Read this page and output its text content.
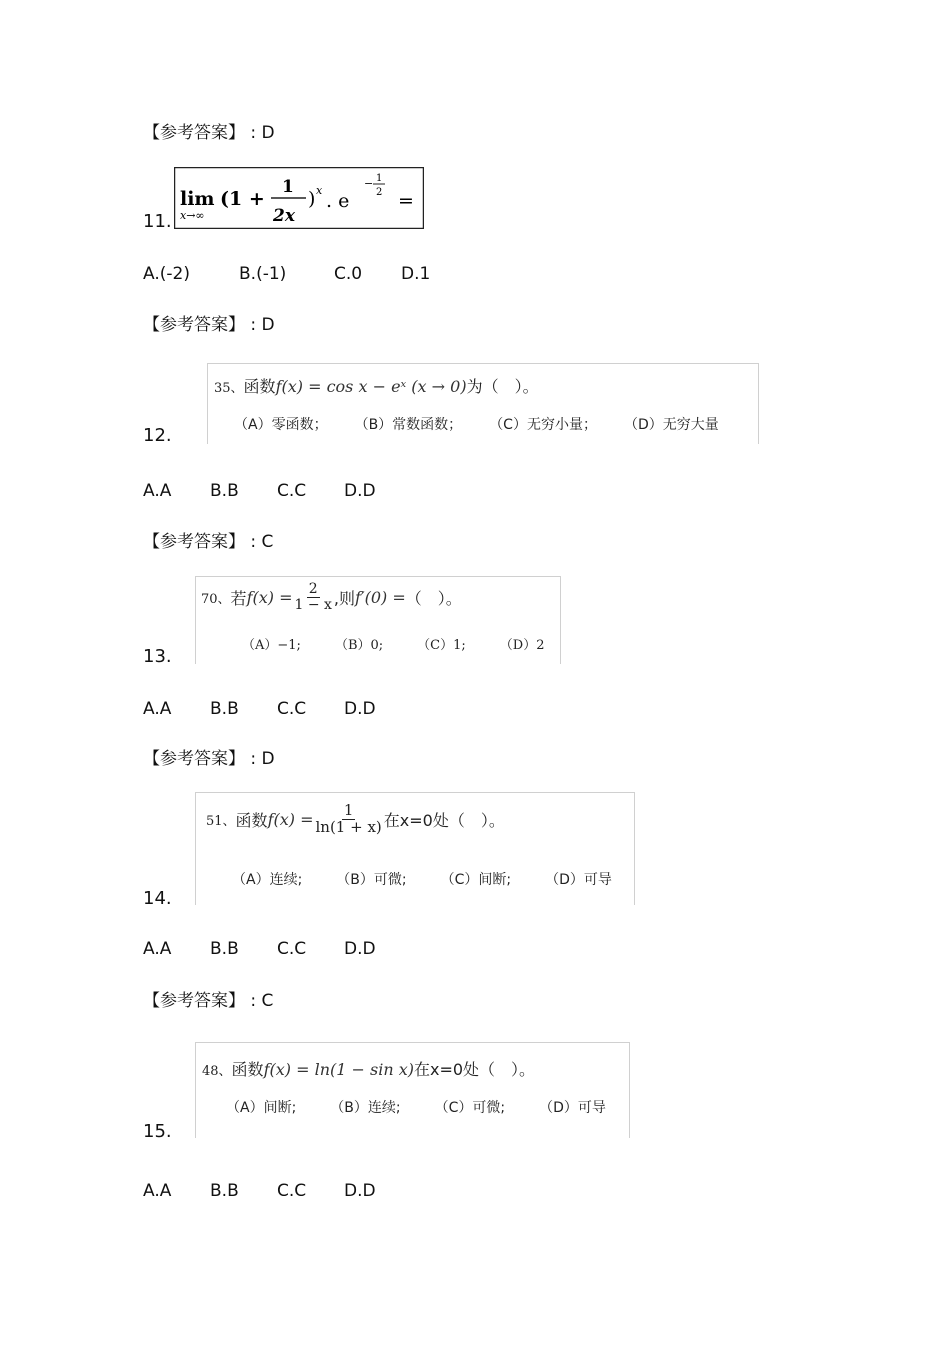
【参考答案】 : D
11.
lim
x→∞
(1 +
1
2x
) x . e
− 1
2 =
A.(-2)	B.(-1)	C.0	D.1
【参考答案】 : D
12.
35、函数f(x) = cos x − eˣ (x → 0)为（　）。
（A）零函数； （B）常数函数； （C）无穷小量； （D）无穷大量
A.A	B.B	C.C	D.D
【参考答案】 : C
13.
70、 若 $f(x) = \frac{2}{1 - x}$ ,则 f′(0) = （　）。
（A）−1;	（B）0;	（C）1;	（D）2
A.A	B.B	C.C	D.D
【参考答案】 : D
14.
51、 函数 $f(x) = \frac{1}{\ln(1 + x)}$ 在x=0处（　）。
（A）连续; （B）可微; （C）间断; （D）可导
A.A	B.B	C.C	D.D
【参考答案】 : C
15.
48、函数f(x) = ln(1 − sin x)在x=0处（　）。
（A）间断; （B）连续; （C）可微; （D）可导
A.A	B.B	C.C	D.D
